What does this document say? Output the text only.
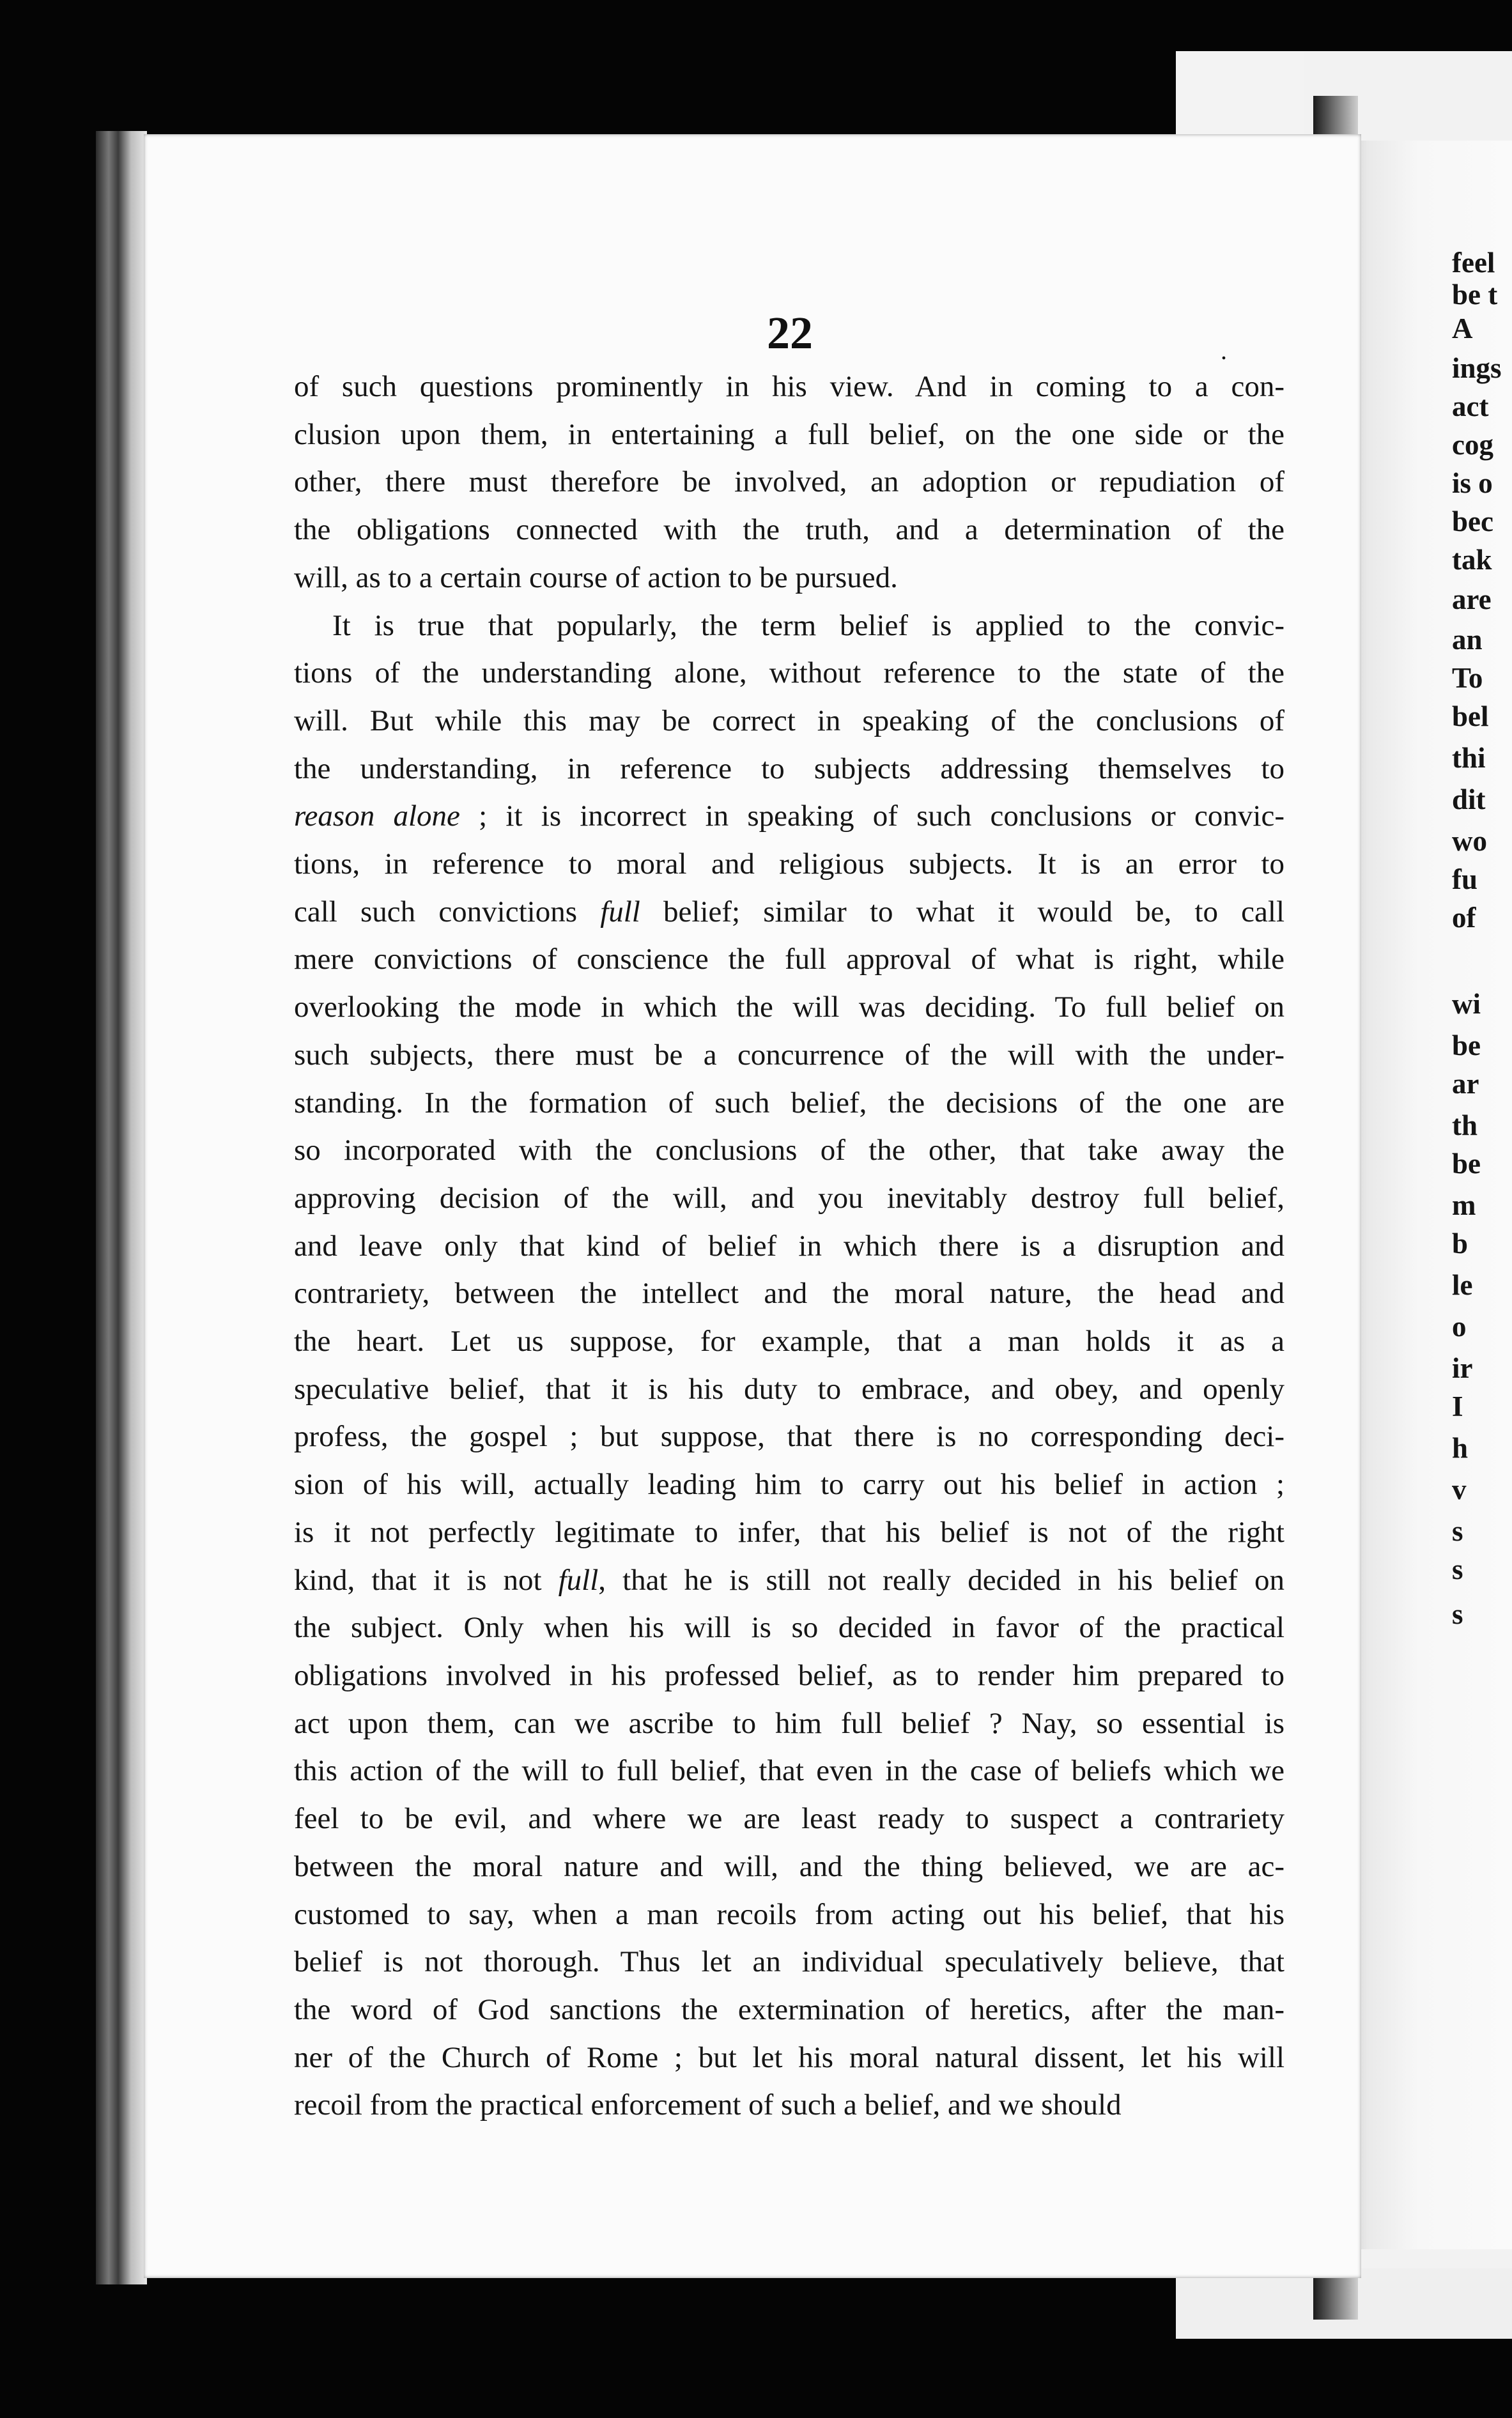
22	.
of such questions prominently in his view. And in coming to a con-
clusion upon them, in entertaining a full belief, on the one side or the
other, there must therefore be involved, an adoption or repudiation of
the obligations connected with the truth, and a determination of the
will, as to a certain course of action to be pursued.
It is true that popularly, the term belief is applied to the convic-
tions of the understanding alone, without reference to the state of the
will. But while this may be correct in speaking of the conclusions of
the understanding, in reference to subjects addressing themselves to
reason alone ; it is incorrect in speaking of such conclusions or convic-
tions, in reference to moral and religious subjects. It is an error to
call such convictions full belief; similar to what it would be, to call
mere convictions of conscience the full approval of what is right, while
overlooking the mode in which the will was deciding. To full belief on
such subjects, there must be a concurrence of the will with the under-
standing. In the formation of such belief, the decisions of the one are
so incorporated with the conclusions of the other, that take away the
approving decision of the will, and you inevitably destroy full belief,
and leave only that kind of belief in which there is a disruption and
contrariety, between the intellect and the moral nature, the head and
the heart. Let us suppose, for example, that a man holds it as a
speculative belief, that it is his duty to embrace, and obey, and openly
profess, the gospel ; but suppose, that there is no corresponding deci-
sion of his will, actually leading him to carry out his belief in action ;
is it not perfectly legitimate to infer, that his belief is not of the right
kind, that it is not full, that he is still not really decided in his belief on
the subject. Only when his will is so decided in favor of the practical
obligations involved in his professed belief, as to render him prepared to
act upon them, can we ascribe to him full belief ? Nay, so essential is
this action of the will to full belief, that even in the case of beliefs which we
feel to be evil, and where we are least ready to suspect a contrariety
between the moral nature and will, and the thing believed, we are ac-
customed to say, when a man recoils from acting out his belief, that his
belief is not thorough. Thus let an individual speculatively believe, that
the word of God sanctions the extermination of heretics, after the man-
ner of the Church of Rome ; but let his moral natural dissent, let his will
recoil from the practical enforcement of such a belief, and we should
feel
be t
A
ings
act
cog
is o
bec
tak
are
an
To
bel
thi
dit
wo
fu
of
wi
be
ar
th
be
m
b
le
o
ir
I
h
v
s
s
s
